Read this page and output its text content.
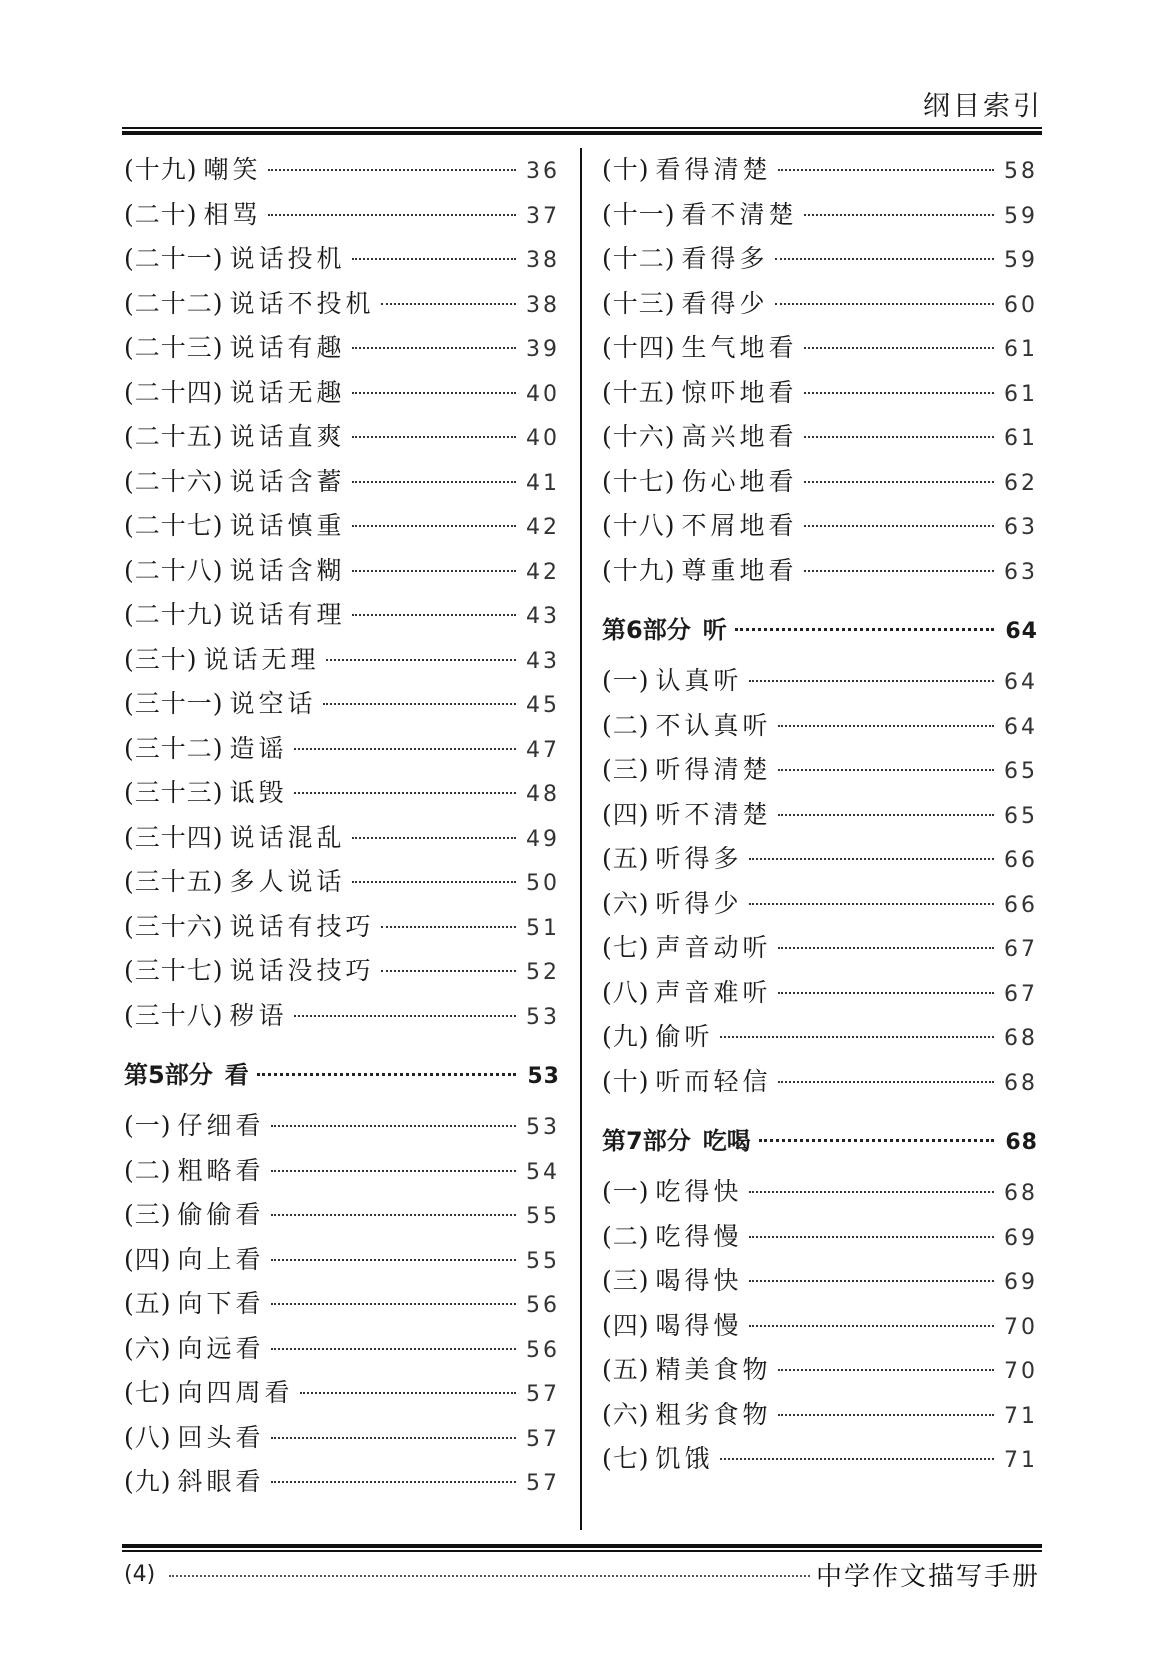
纲目索引
(十九) 嘲笑	36
(二十) 相骂	37
(二十一) 说话投机	38
(二十二) 说话不投机	38
(二十三) 说话有趣	39
(二十四) 说话无趣	40
(二十五) 说话直爽	40
(二十六) 说话含蓄	41
(二十七) 说话慎重	42
(二十八) 说话含糊	42
(二十九) 说话有理	43
(三十) 说话无理	43
(三十一) 说空话	45
(三十二) 造谣	47
(三十三) 诋毁	48
(三十四) 说话混乱	49
(三十五) 多人说话	50
(三十六) 说话有技巧	51
(三十七) 说话没技巧	52
(三十八) 秽语	53
第5部分 看	53
(一) 仔细看	53
(二) 粗略看	54
(三) 偷偷看	55
(四) 向上看	55
(五) 向下看	56
(六) 向远看	56
(七) 向四周看	57
(八) 回头看	57
(九) 斜眼看	57
(十) 看得清楚	58
(十一) 看不清楚	59
(十二) 看得多	59
(十三) 看得少	60
(十四) 生气地看	61
(十五) 惊吓地看	61
(十六) 高兴地看	61
(十七) 伤心地看	62
(十八) 不屑地看	63
(十九) 尊重地看	63
第6部分 听	64
(一) 认真听	64
(二) 不认真听	64
(三) 听得清楚	65
(四) 听不清楚	65
(五) 听得多	66
(六) 听得少	66
(七) 声音动听	67
(八) 声音难听	67
(九) 偷听	68
(十) 听而轻信	68
第7部分 吃喝	68
(一) 吃得快	68
(二) 吃得慢	69
(三) 喝得快	69
(四) 喝得慢	70
(五) 精美食物	70
(六) 粗劣食物	71
(七) 饥饿	71
(4)	中学作文描写手册
